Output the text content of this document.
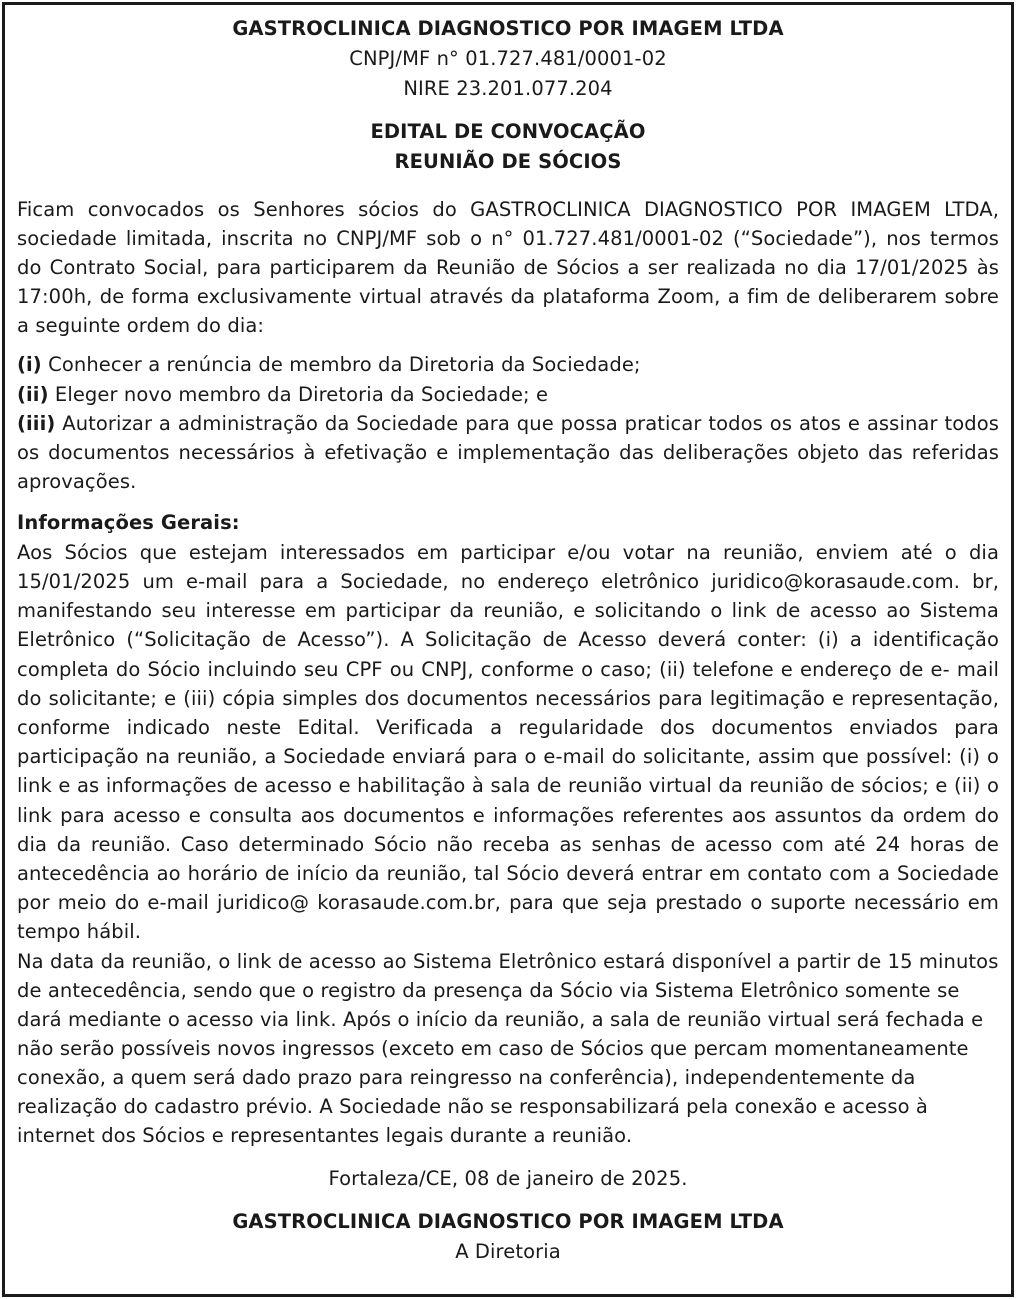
GASTROCLINICA DIAGNOSTICO POR IMAGEM LTDA
CNPJ/MF n° 01.727.481/0001-02
NIRE 23.201.077.204
EDITAL DE CONVOCAÇÃO
REUNIÃO DE SÓCIOS

Ficam convocados os Senhores sócios do GASTROCLINICA DIAGNOSTICO POR IMAGEM LTDA, sociedade limitada, inscrita no CNPJ/MF sob o n° 01.727.481/0001-02 (“Sociedade”), nos termos do Contrato Social, para participarem da Reunião de Sócios a ser realizada no dia 17/01/2025 às 17:00h, de forma exclusivamente virtual através da plataforma Zoom, a fim de deliberarem sobre a seguinte ordem do dia:

(i) Conhecer a renúncia de membro da Diretoria da Sociedade;

(ii) Eleger novo membro da Diretoria da Sociedade; e

(iii) Autorizar a administração da Sociedade para que possa praticar todos os atos e assinar todos os documentos necessários à efetivação e implementação das deliberações objeto das referidas aprovações.

Informações Gerais:

Aos Sócios que estejam interessados em participar e/ou votar na reunião, enviem até o dia 15/01/2025 um e-mail para a Sociedade, no endereço eletrônico juridico@korasaude.com. br, manifestando seu interesse em participar da reunião, e solicitando o link de acesso ao Sistema Eletrônico (“Solicitação de Acesso”). A Solicitação de Acesso deverá conter: (i) a identificação completa do Sócio incluindo seu CPF ou CNPJ, conforme o caso; (ii) telefone e endereço de e- mail do solicitante; e (iii) cópia simples dos documentos necessários para legitimação e representação, conforme indicado neste Edital. Verificada a regularidade dos documentos enviados para participação na reunião, a Sociedade enviará para o e-mail do solicitante, assim que possível: (i) o link e as informações de acesso e habilitação à sala de reunião virtual da reunião de sócios; e (ii) o link para acesso e consulta aos documentos e informações referentes aos assuntos da ordem do dia da reunião. Caso determinado Sócio não receba as senhas de acesso com até 24 horas de antecedência ao horário de início da reunião, tal Sócio deverá entrar em contato com a Sociedade por meio do e-mail juridico@ korasaude.com.br, para que seja prestado o suporte necessário em tempo hábil.

Na data da reunião, o link de acesso ao Sistema Eletrônico estará disponível a partir de 15 minutos de antecedência, sendo que o registro da presença da Sócio via Sistema Eletrônico somente se dará mediante o acesso via link. Após o início da reunião, a sala de reunião virtual será fechada e não serão possíveis novos ingressos (exceto em caso de Sócios que percam momentaneamente conexão, a quem será dado prazo para reingresso na conferência), independentemente da realização do cadastro prévio. A Sociedade não se responsabilizará pela conexão e acesso à internet dos Sócios e representantes legais durante a reunião.

Fortaleza/CE, 08 de janeiro de 2025.
GASTROCLINICA DIAGNOSTICO POR IMAGEM LTDA
A Diretoria
